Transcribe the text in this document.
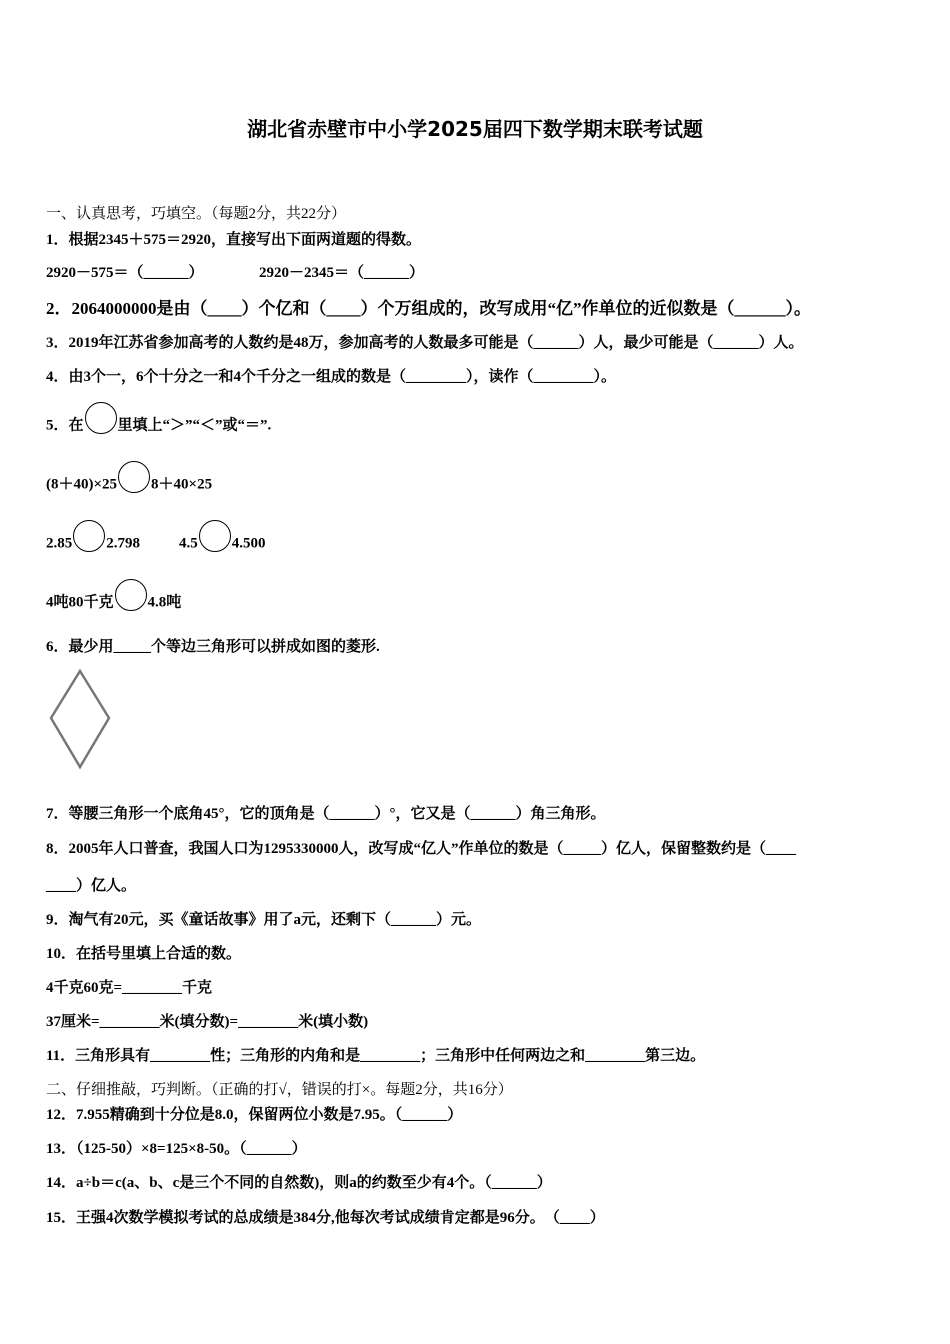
湖北省赤壁市中小学2025届四下数学期末联考试题
一、认真思考，巧填空。（每题2分，共22分）
1．根据2345＋575＝2920，直接写出下面两道题的得数。
2920－575＝（______）	2920－2345＝（______）
2．2064000000是由（____）个亿和（____）个万组成的，改写成用“亿”作单位的近似数是（______）。
3．2019年江苏省参加高考的人数约是48万，参加高考的人数最多可能是（______）人，最少可能是（______）人。
4．由3个一，6个十分之一和4个千分之一组成的数是（________），读作（________）。
5．在 里填上“＞”“＜”或“＝”.
(8＋40)×25 8＋40×25
2.85 2.798	4.5 4.500
4吨80千克 4.8吨
6．最少用_____个等边三角形可以拼成如图的菱形.
7．等腰三角形一个底角45°，它的顶角是（______）°，它又是（______）角三角形。
8．2005年人口普查，我国人口为1295330000人，改写成“亿人”作单位的数是（_____）亿人，保留整数约是（____
____）亿人。
9．淘气有20元，买《童话故事》用了a元，还剩下（______）元。
10．在括号里填上合适的数。
4千克60克=________千克
37厘米=________米(填分数)=________米(填小数)
11．三角形具有________性；三角形的内角和是________；三角形中任何两边之和________第三边。
二、仔细推敲，巧判断。（正确的打√，错误的打×。每题2分，共16分）
12．7.955精确到十分位是8.0，保留两位小数是7.95。（______）
13．（125-50）×8=125×8-50。（______）
14．a÷b＝c(a、b、c是三个不同的自然数)，则a的约数至少有4个。（______）
15．王强4次数学模拟考试的总成绩是384分,他每次考试成绩肯定都是96分。　（____）
